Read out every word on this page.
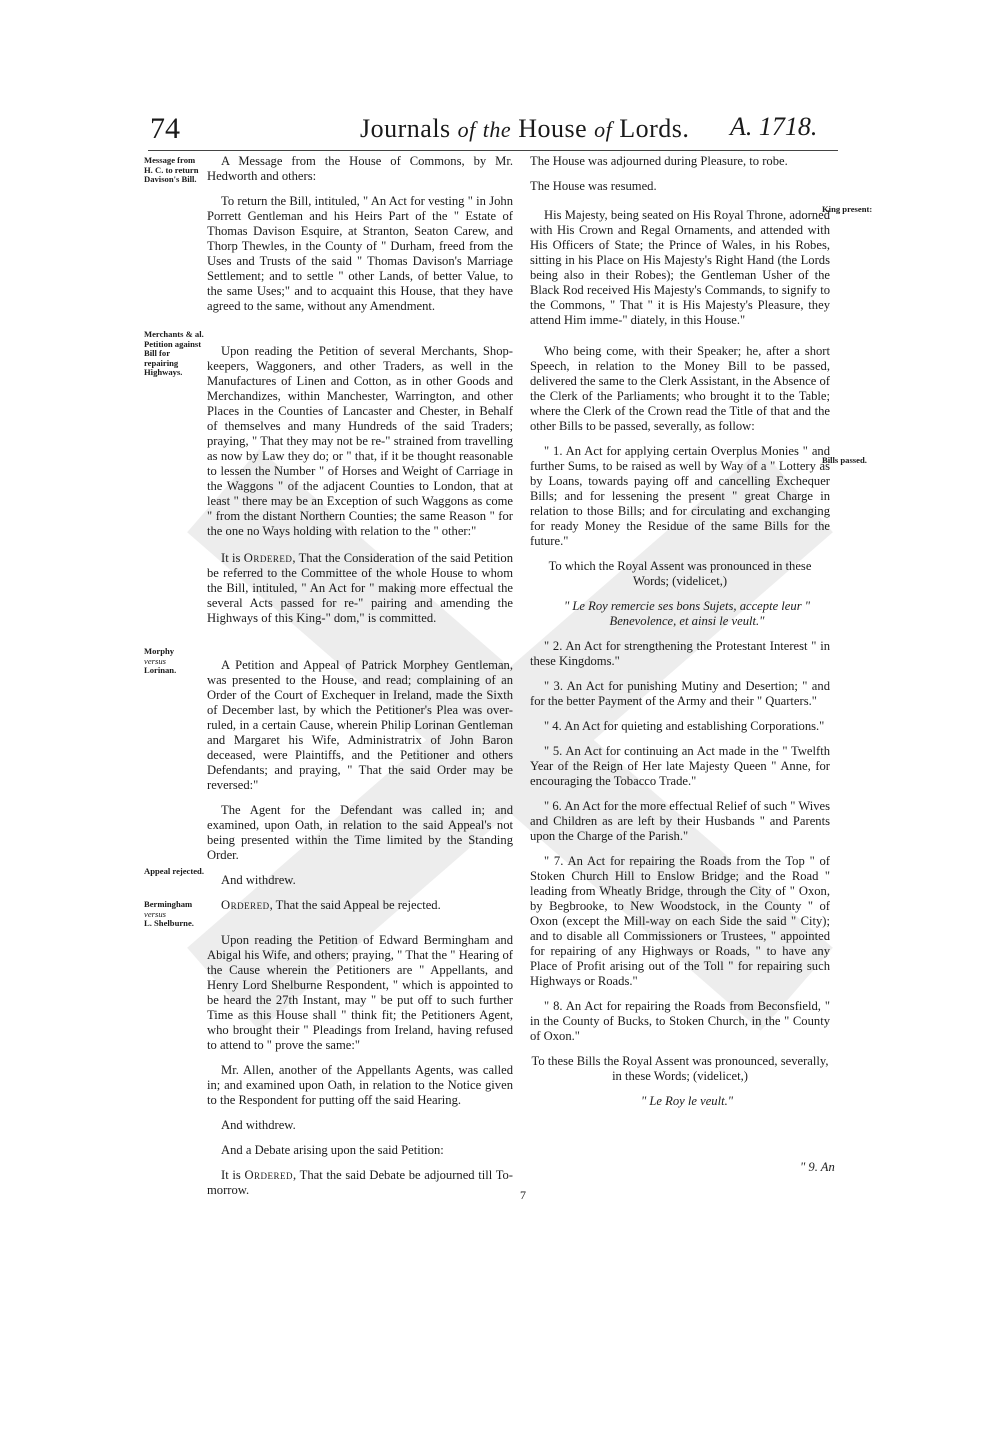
74	Journals of the House of Lords. A. 1718.
Message from H. C. to return Davison's Bill.
Merchants & al. Petition against Bill for repairing Highways.
Morphy
versus
Lorinan.
Appeal rejected.
Bermingham
versus
L. Shelburne.
King present:
Bills passed.

A Message from the House of Commons, by Mr. Hedworth and others:

To return the Bill, intituled, " An Act for vesting " in John Porrett Gentleman and his Heirs Part of the " Estate of Thomas Davison Esquire, at Stranton, Seaton Carew, and Thorp Thewles, in the County of " Durham, freed from the Uses and Trusts of the said " Thomas Davison's Marriage Settlement; and to settle " other Lands, of better Value, to the same Uses;" and to acquaint this House, that they have agreed to the same, without any Amendment.

Upon reading the Petition of several Merchants, Shop-keepers, Waggoners, and other Traders, as well in the Manufactures of Linen and Cotton, as in other Goods and Merchandizes, within Manchester, Warrington, and other Places in the Counties of Lancaster and Chester, in Behalf of themselves and many Hundreds of the said Traders; praying, " That they may not be re-" strained from travelling as now by Law they do; or " that, if it be thought reasonable to lessen the Number " of Horses and Weight of Carriage in the Waggons " of the adjacent Counties to London, that at least " there may be an Exception of such Waggons as come " from the distant Northern Counties; the same Reason " for the one no Ways holding with relation to the " other:"

It is Ordered, That the Consideration of the said Petition be referred to the Committee of the whole House to whom the Bill, intituled, " An Act for " making more effectual the several Acts passed for re-" pairing and amending the Highways of this King-" dom," is committed.

A Petition and Appeal of Patrick Morphey Gentleman, was presented to the House, and read; complaining of an Order of the Court of Exchequer in Ireland, made the Sixth of December last, by which the Petitioner's Plea was over-ruled, in a certain Cause, wherein Philip Lorinan Gentleman and Margaret his Wife, Administratrix of John Baron deceased, were Plaintiffs, and the Petitioner and others Defendants; and praying, " That the said Order may be reversed:"

The Agent for the Defendant was called in; and examined, upon Oath, in relation to the said Appeal's not being presented within the Time limited by the Standing Order.

And withdrew.

Ordered, That the said Appeal be rejected.

Upon reading the Petition of Edward Bermingham and Abigal his Wife, and others; praying, " That the " Hearing of the Cause wherein the Petitioners are " Appellants, and Henry Lord Shelburne Respondent, " which is appointed to be heard the 27th Instant, may " be put off to such further Time as this House shall " think fit; the Petitioners Agent, who brought their " Pleadings from Ireland, having refused to attend to " prove the same:"

Mr. Allen, another of the Appellants Agents, was called in; and examined upon Oath, in relation to the Notice given to the Respondent for putting off the said Hearing.

And withdrew.

And a Debate arising upon the said Petition:

It is Ordered, That the said Debate be adjourned till To-morrow.

The House was adjourned during Pleasure, to robe.

The House was resumed.

His Majesty, being seated on His Royal Throne, adorned with His Crown and Regal Ornaments, and attended with His Officers of State; the Prince of Wales, in his Robes, sitting in his Place on His Majesty's Right Hand (the Lords being also in their Robes); the Gentleman Usher of the Black Rod received His Majesty's Commands, to signify to the Commons, " That " it is His Majesty's Pleasure, they attend Him imme-" diately, in this House."

Who being come, with their Speaker; he, after a short Speech, in relation to the Money Bill to be passed, delivered the same to the Clerk Assistant, in the Absence of the Clerk of the Parliaments; who brought it to the Table; where the Clerk of the Crown read the Title of that and the other Bills to be passed, severally, as follow:

" 1. An Act for applying certain Overplus Monies " and further Sums, to be raised as well by Way of a " Lottery as by Loans, towards paying off and cancelling Exchequer Bills; and for lessening the present " great Charge in relation to those Bills; and for circulating and exchanging for ready Money the Residue of the same Bills for the future."

To which the Royal Assent was pronounced in these Words; (videlicet,)

" Le Roy remercie ses bons Sujets, accepte leur " Benevolence, et ainsi le veult."

" 2. An Act for strengthening the Protestant Interest " in these Kingdoms."

" 3. An Act for punishing Mutiny and Desertion; " and for the better Payment of the Army and their " Quarters."

" 4. An Act for quieting and establishing Corporations."

" 5. An Act for continuing an Act made in the " Twelfth Year of the Reign of Her late Majesty Queen " Anne, for encouraging the Tobacco Trade."

" 6. An Act for the more effectual Relief of such " Wives and Children as are left by their Husbands " and Parents upon the Charge of the Parish."

" 7. An Act for repairing the Roads from the Top " of Stoken Church Hill to Enslow Bridge; and the Road " leading from Wheatly Bridge, through the City of " Oxon, by Begbrooke, to New Woodstock, in the County " of Oxon (except the Mill-way on each Side the said " City); and to disable all Commissioners or Trustees, " appointed for repairing of any Highways or Roads, " to have any Place of Profit arising out of the Toll " for repairing such Highways or Roads."

" 8. An Act for repairing the Roads from Beconsfield, " in the County of Bucks, to Stoken Church, in the " County of Oxon."

To these Bills the Royal Assent was pronounced, severally, in these Words; (videlicet,)

" Le Roy le veult."

" 9. An
7
